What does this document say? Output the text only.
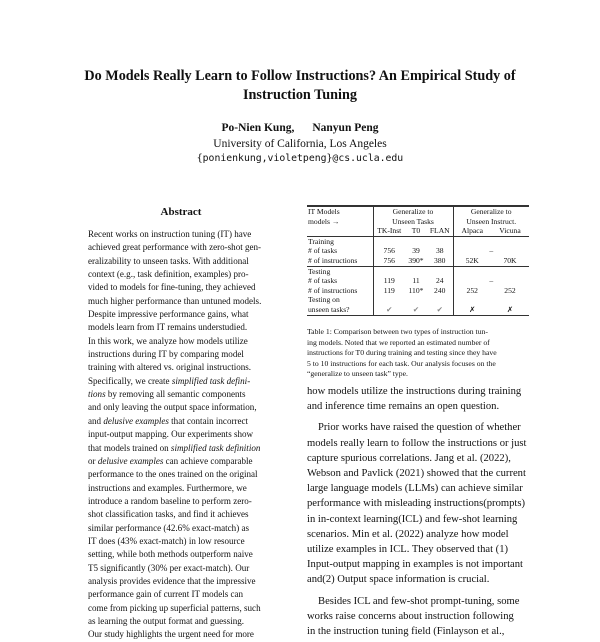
Do Models Really Learn to Follow Instructions? An Empirical Study of
Instruction Tuning
Po-Nien Kung, Nanyun Peng
University of California, Los Angeles
{ponienkung,violetpeng}@cs.ucla.edu
Abstract
Recent works on instruction tuning (IT) have
achieved great performance with zero-shot gen-
eralizability to unseen tasks. With additional
context (e.g., task definition, examples) pro-
vided to models for fine-tuning, they achieved
much higher performance than untuned models.
Despite impressive performance gains, what
models learn from IT remains understudied.
In this work, we analyze how models utilize
instructions during IT by comparing model
training with altered vs. original instructions.
Specifically, we create simplified task defini-
tions by removing all semantic components
and only leaving the output space information,
and delusive examples that contain incorrect
input-output mapping. Our experiments show
that models trained on simplified task definition
or delusive examples can achieve comparable
performance to the ones trained on the original
instructions and examples. Furthermore, we
introduce a random baseline to perform zero-
shot classification tasks, and find it achieves
similar performance (42.6% exact-match) as
IT does (43% exact-match) in low resource
setting, while both methods outperform naive
T5 significantly (30% per exact-match). Our
analysis provides evidence that the impressive
performance gain of current IT models can
come from picking up superficial patterns, such
as learning the output format and guessing.
Our study highlights the urgent need for more
IT Models	Generalize to			Generalize to	
models →	Unseen Tasks			Unseen Instruct.	
	TK-Inst	T0	FLAN	Alpaca	Vicuna
Training					
# of tasks	756	39	38	–	
# of instructions	756	390*	380	52K	70K
Testing					
# of tasks	119	11	24	–	
# of instructions	119	110*	240	252	252
Testing on					
unseen tasks?	✔	✔	✔	✗	✗
Table 1: Comparison between two types of instruction tun-
ing models. Noted that we reported an estimated number of
instructions for T0 during training and testing since they have
5 to 10 instructions for each task. Our analysis focuses on the
“generalize to unseen task” type.
how models utilize the instructions during training
and inference time remains an open question.
Prior works have raised the question of whether
models really learn to follow the instructions or just
capture spurious correlations. Jang et al. (2022),
Webson and Pavlick (2021) showed that the current
large language models (LLMs) can achieve similar
performance with misleading instructions(prompts)
in in-context learning(ICL) and few-shot learning
scenarios. Min et al. (2022) analyze how model
utilize examples in ICL. They observed that (1)
Input-output mapping in examples is not important
and(2) Output space information is crucial.
Besides ICL and few-shot prompt-tuning, some
works raise concerns about instruction following
in the instruction tuning field (Finlayson et al.,
